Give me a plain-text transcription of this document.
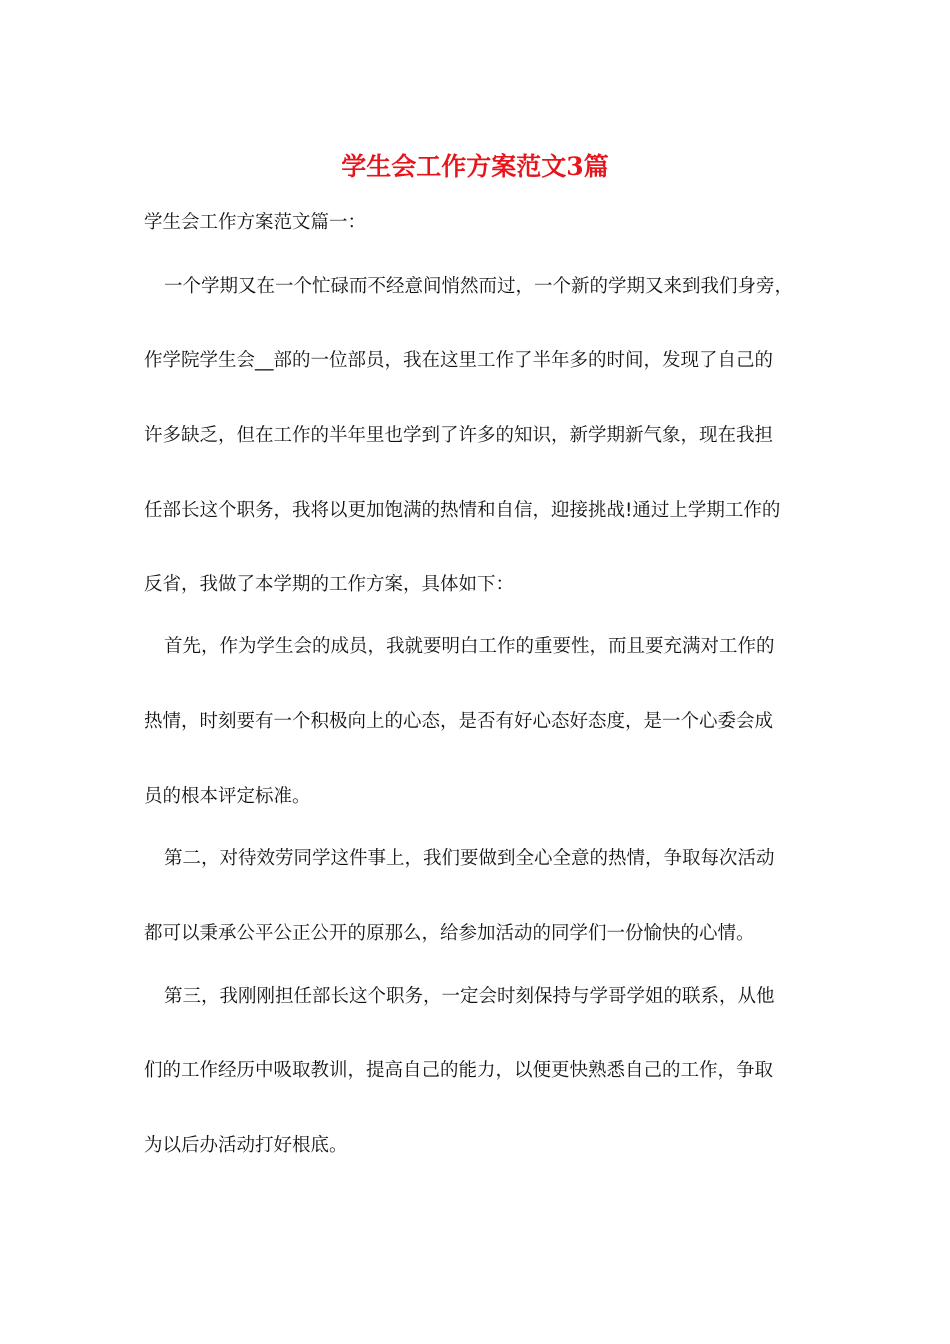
学生会工作方案范文3篇
学生会工作方案范文篇一：
一个学期又在一个忙碌而不经意间悄然而过，一个新的学期又来到我们身旁，
作学院学生会__部的一位部员，我在这里工作了半年多的时间，发现了自己的
许多缺乏，但在工作的半年里也学到了许多的知识，新学期新气象，现在我担
任部长这个职务，我将以更加饱满的热情和自信，迎接挑战!通过上学期工作的
反省，我做了本学期的工作方案，具体如下：
首先，作为学生会的成员，我就要明白工作的重要性，而且要充满对工作的
热情，时刻要有一个积极向上的心态，是否有好心态好态度，是一个心委会成
员的根本评定标准。
第二，对待效劳同学这件事上，我们要做到全心全意的热情，争取每次活动
都可以秉承公平公正公开的原那么，给参加活动的同学们一份愉快的心情。
第三，我刚刚担任部长这个职务，一定会时刻保持与学哥学姐的联系，从他
们的工作经历中吸取教训，提高自己的能力，以便更快熟悉自己的工作，争取
为以后办活动打好根底。
